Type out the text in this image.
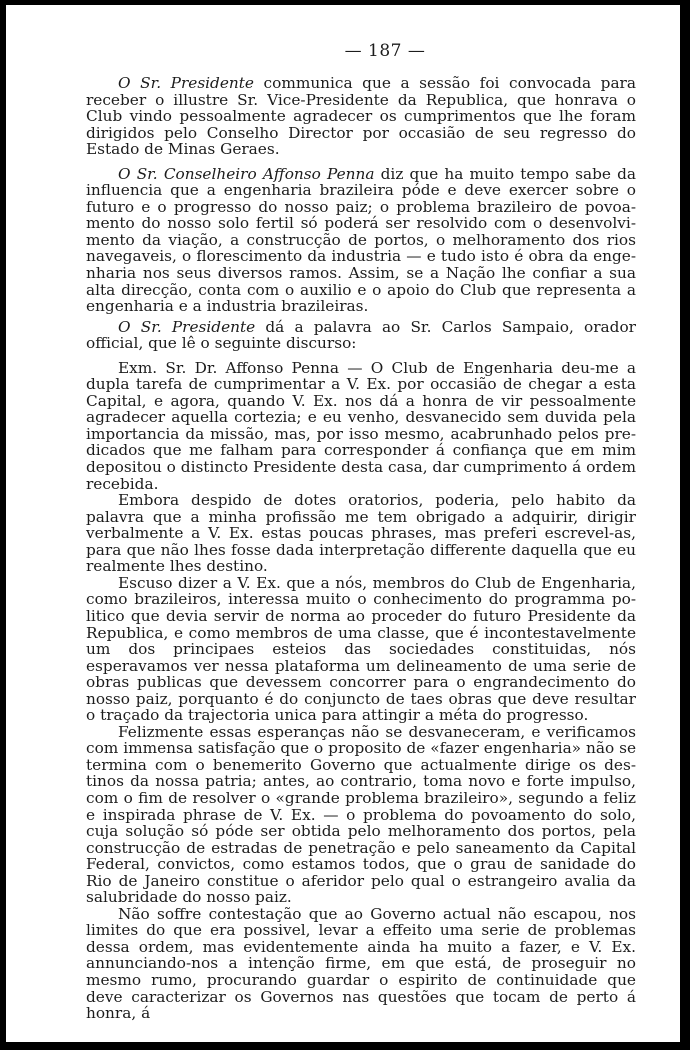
— 187 —

O Sr. Presidente communica que a sessão foi convocada para receber o illustre Sr. Vice-Presidente da Republica, que honrava o Club vindo pessoalmente agradecer os cumprimentos que lhe foram dirigidos pelo Conselho Director por occasião de seu regresso do Estado de Minas Geraes.

O Sr. Conselheiro Affonso Penna diz que ha muito tempo sabe da influencia que a engenharia brazileira póde e deve exercer sobre o futuro e o progresso do nosso paiz; o problema brazileiro de povoamento do nosso solo fertil só poderá ser resolvido com o desenvolvimento da viação, a construcção de portos, o melhoramento dos rios navegaveis, o florescimento da industria — e tudo isto é obra da engenharia nos seus diversos ramos. Assim, se a Nação lhe confiar a sua alta direcção, conta com o auxilio e o apoio do Club que representa a engenharia e a industria brazileiras.

O Sr. Presidente dá a palavra ao Sr. Carlos Sampaio, orador official, que lê o seguinte discurso:

Exm. Sr. Dr. Affonso Penna — O Club de Engenharia deu-me a dupla tarefa de cumprimentar a V. Ex. por occasião de chegar a esta Capital, e agora, quando V. Ex. nos dá a honra de vir pessoalmente agradecer aquella cortezia; e eu venho, desvanecido sem duvida pela importancia da missão, mas, por isso mesmo, acabrunhado pelos predicados que me falham para corresponder á confiança que em mim depositou o distincto Presidente desta casa, dar cumprimento á ordem recebida.

Embora despido de dotes oratorios, poderia, pelo habito da palavra que a minha profissão me tem obrigado a adquirir, dirigir verbalmente a V. Ex. estas poucas phrases, mas preferi escrevel-as, para que não lhes fosse dada interpretação differente daquella que eu realmente lhes destino.

Escuso dizer a V. Ex. que a nós, membros do Club de Engenharia, como brazileiros, interessa muito o conhecimento do programma politico que devia servir de norma ao proceder do futuro Presidente da Republica, e como membros de uma classe, que é incontestavelmente um dos principaes esteios das sociedades constituidas, nós esperavamos ver nessa plataforma um delineamento de uma serie de obras publicas que devessem concorrer para o engrandecimento do nosso paiz, porquanto é do conjuncto de taes obras que deve resultar o traçado da trajectoria unica para attingir a méta do progresso.

Felizmente essas esperanças não se desvaneceram, e verificamos com immensa satisfação que o proposito de «fazer engenharia» não se termina com o benemerito Governo que actualmente dirige os destinos da nossa patria; antes, ao contrario, toma novo e forte impulso, com o fim de resolver o «grande problema brazileiro», segundo a feliz e inspirada phrase de V. Ex. — o problema do povoamento do solo, cuja solução só póde ser obtida pelo melhoramento dos portos, pela construcção de estradas de penetração e pelo saneamento da Capital Federal, convictos, como estamos todos, que o grau de sanidade do Rio de Janeiro constitue o aferidor pelo qual o estrangeiro avalia da salubridade do nosso paiz.

Não soffre contestação que ao Governo actual não escapou, nos limites do que era possivel, levar a effeito uma serie de problemas dessa ordem, mas evidentemente ainda ha muito a fazer, e V. Ex. annunciando-nos a intenção firme, em que está, de proseguir no mesmo rumo, procurando guardar o espirito de continuidade que deve caracterizar os Governos nas questões que tocam de perto á honra, á
